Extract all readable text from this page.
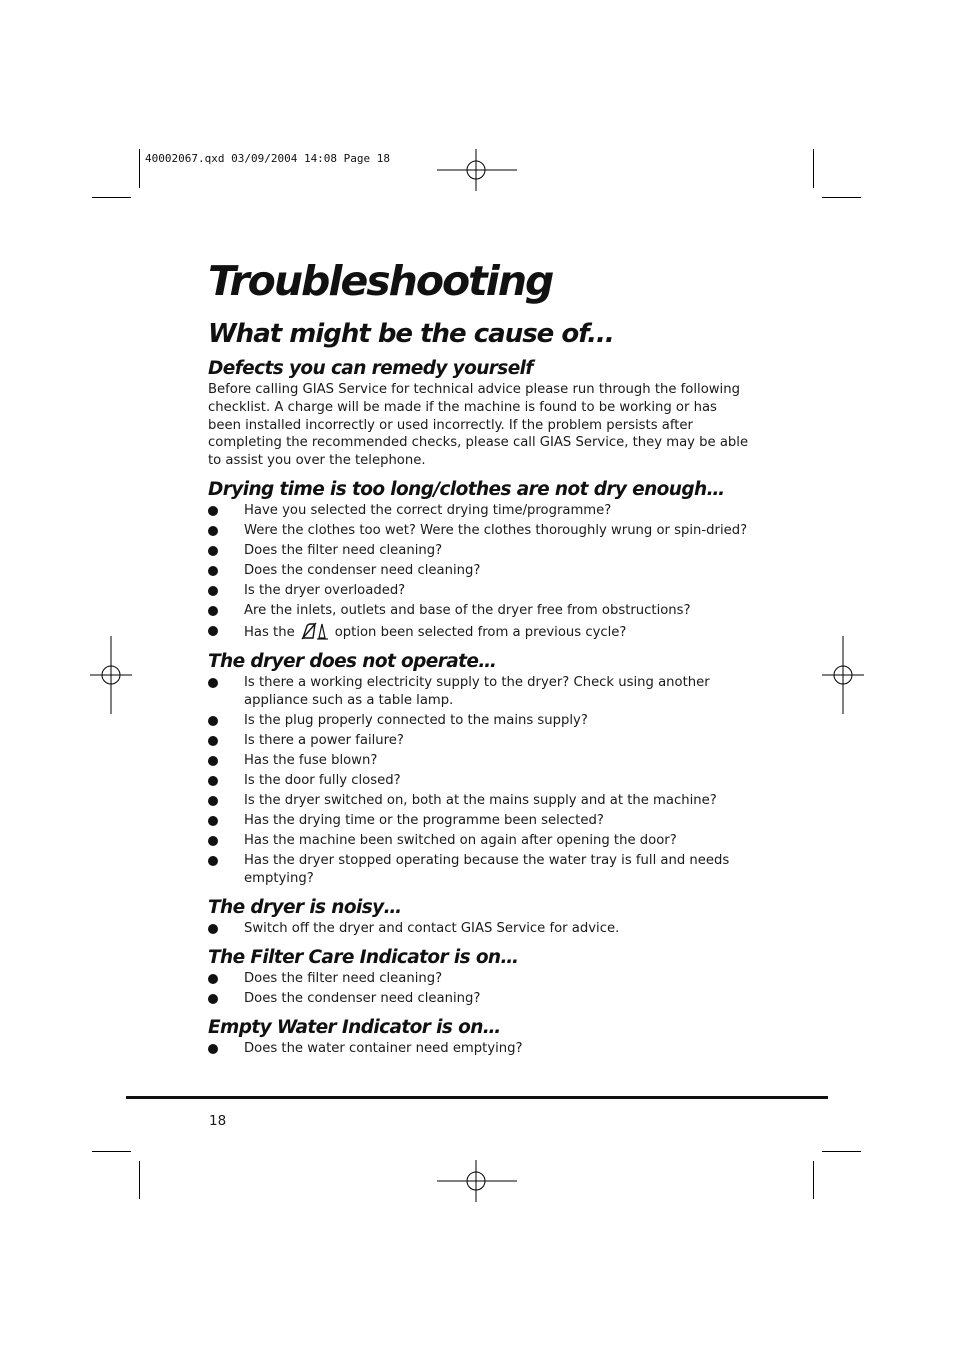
40002067.qxd 03/09/2004 14:08 Page 18
Troubleshooting
What might be the cause of...
Defects you can remedy yourself

Before calling GIAS Service for technical advice please run through the following checklist. A charge will be made if the machine is found to be working or has been installed incorrectly or used incorrectly. If the problem persists after completing the recommended checks, please call GIAS Service, they may be able to assist you over the telephone.

Drying time is too long/clothes are not dry enough…
Have you selected the correct drying time/programme?
Were the clothes too wet? Were the clothes thoroughly wrung or spin-dried?
Does the filter need cleaning?
Does the condenser need cleaning?
Is the dryer overloaded?
Are the inlets, outlets and base of the dryer free from obstructions?
Has the	option been selected from a previous cycle?
The dryer does not operate…
Is there a working electricity supply to the dryer? Check using another appliance such as a table lamp.
Is the plug properly connected to the mains supply?
Is there a power failure?
Has the fuse blown?
Is the door fully closed?
Is the dryer switched on, both at the mains supply and at the machine?
Has the drying time or the programme been selected?
Has the machine been switched on again after opening the door?
Has the dryer stopped operating because the water tray is full and needs emptying?
The dryer is noisy…
Switch off the dryer and contact GIAS Service for advice.
The Filter Care Indicator is on…
Does the filter need cleaning?
Does the condenser need cleaning?
Empty Water Indicator is on…
Does the water container need emptying?
18
